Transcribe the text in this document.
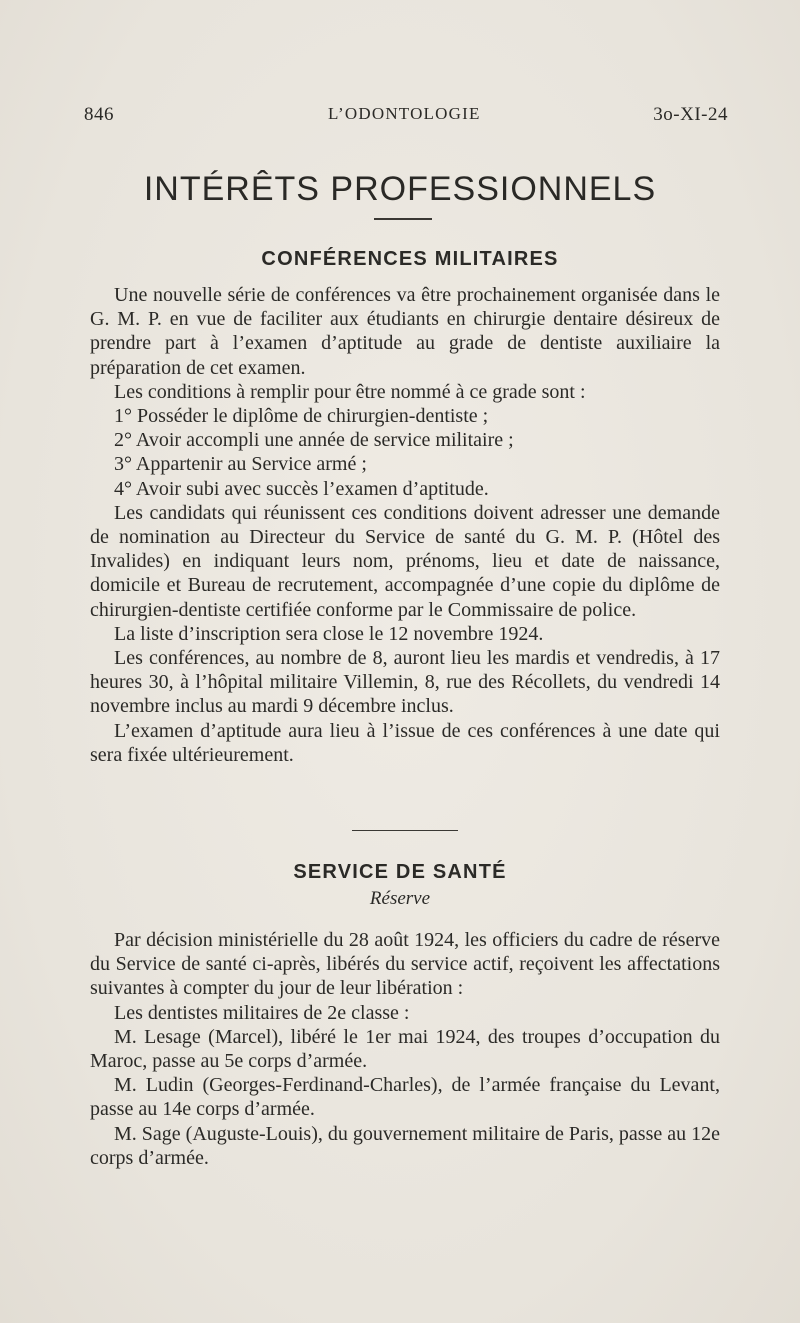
846	L’ODONTOLOGIE	3o-XI-24
INTÉRÊTS PROFESSIONNELS
CONFÉRENCES MILITAIRES

Une nouvelle série de conférences va être prochainement organisée dans le G. M. P. en vue de faciliter aux étudiants en chirurgie dentaire désireux de prendre part à l’examen d’aptitude au grade de dentiste auxiliaire la préparation de cet examen.

Les conditions à remplir pour être nommé à ce grade sont :

1° Posséder le diplôme de chirurgien-dentiste ;

2° Avoir accompli une année de service militaire ;

3° Appartenir au Service armé ;

4° Avoir subi avec succès l’examen d’aptitude.

Les candidats qui réunissent ces conditions doivent adresser une demande de nomination au Directeur du Service de santé du G. M. P. (Hôtel des Invalides) en indiquant leurs nom, prénoms, lieu et date de naissance, domicile et Bureau de recrutement, accompagnée d’une copie du diplôme de chirurgien-dentiste certifiée conforme par le Commissaire de police.

La liste d’inscription sera close le 12 novembre 1924.

Les conférences, au nombre de 8, auront lieu les mardis et vendredis, à 17 heures 30, à l’hôpital militaire Villemin, 8, rue des Récollets, du vendredi 14 novembre inclus au mardi 9 décembre inclus.

L’examen d’aptitude aura lieu à l’issue de ces conférences à une date qui sera fixée ultérieurement.

SERVICE DE SANTÉ
Réserve

Par décision ministérielle du 28 août 1924, les officiers du cadre de réserve du Service de santé ci-après, libérés du service actif, reçoivent les affectations suivantes à compter du jour de leur libération :

Les dentistes militaires de 2e classe :

M. Lesage (Marcel), libéré le 1er mai 1924, des troupes d’occupation du Maroc, passe au 5e corps d’armée.

M. Ludin (Georges-Ferdinand-Charles), de l’armée française du Levant, passe au 14e corps d’armée.

M. Sage (Auguste-Louis), du gouvernement militaire de Paris, passe au 12e corps d’armée.
